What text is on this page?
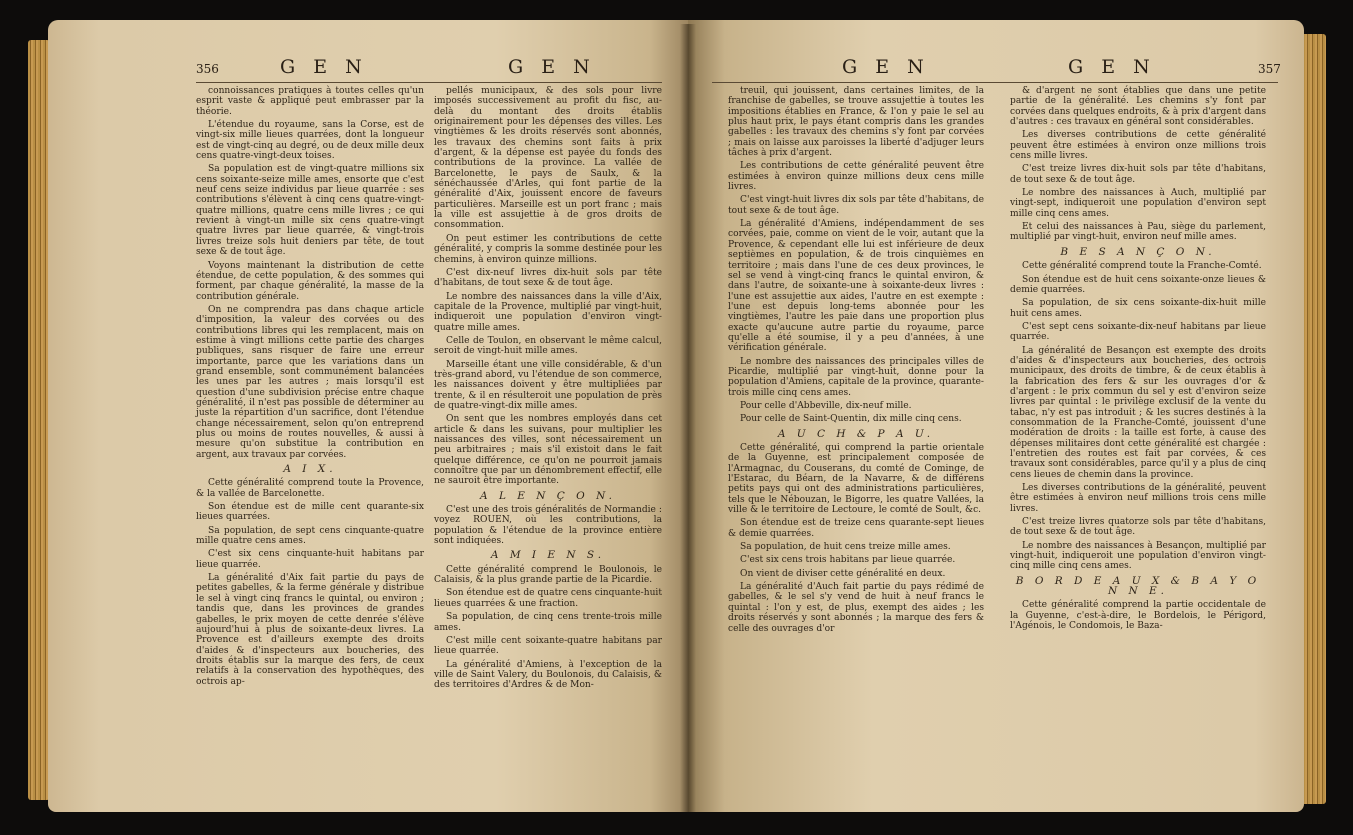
356	G E N	G E N	G E N	G E N	357

connoissances pratiques à toutes celles qu'un esprit vaste & appliqué peut embrasser par la théorie.

L'étendue du royaume, sans la Corse, est de vingt-six mille lieues quarrées, dont la longueur est de vingt-cinq au degré, ou de deux mille deux cens quatre-vingt-deux toises.

Sa population est de vingt-quatre millions six cens soixante-seize mille ames, ensorte que c'est neuf cens seize individus par lieue quarrée : ses contributions s'élèvent à cinq cens quatre-vingt-quatre millions, quatre cens mille livres ; ce qui revient à vingt-un mille six cens quatre-vingt quatre livres par lieue quarrée, & vingt-trois livres treize sols huit deniers par tête, de tout sexe & de tout âge.

Voyons maintenant la distribution de cette étendue, de cette population, & des sommes qui forment, par chaque généralité, la masse de la contribution générale.

On ne comprendra pas dans chaque article d'imposition, la valeur des corvées ou des contributions libres qui les remplacent, mais on estime à vingt millions cette partie des charges publiques, sans risquer de faire une erreur importante, parce que les variations dans un grand ensemble, sont communément balancées les unes par les autres ; mais lorsqu'il est question d'une subdivision précise entre chaque généralité, il n'est pas possible de déterminer au juste la répartition d'un sacrifice, dont l'étendue change nécessairement, selon qu'on entreprend plus ou moins de routes nouvelles, & aussi à mesure qu'on substitue la contribution en argent, aux travaux par corvées.

A I X.

Cette généralité comprend toute la Provence, & la vallée de Barcelonette.

Son étendue est de mille cent quarante-six lieues quarrées.

Sa population, de sept cens cinquante-quatre mille quatre cens ames.

C'est six cens cinquante-huit habitans par lieue quarrée.

La généralité d'Aix fait partie du pays de petites gabelles, & la ferme générale y distribue le sel à vingt cinq francs le quintal, ou environ ; tandis que, dans les provinces de grandes gabelles, le prix moyen de cette denrée s'élève aujourd'hui à plus de soixante-deux livres. La Provence est d'ailleurs exempte des droits d'aides & d'inspecteurs aux boucheries, des droits établis sur la marque des fers, de ceux relatifs à la conservation des hypothèques, des octrois ap-

pellés municipaux, & des sols pour livre imposés successivement au profit du fisc, au-delà du montant des droits établis originairement pour les dépenses des villes. Les vingtièmes & les droits réservés sont abonnés, les travaux des chemins sont faits à prix d'argent, & la dépense est payée du fonds des contributions de la province. La vallée de Barcelonette, le pays de Saulx, & la sénéchaussée d'Arles, qui font partie de la généralité d'Aix, jouissent encore de faveurs particulières. Marseille est un port franc ; mais la ville est assujettie à de gros droits de consommation.

On peut estimer les contributions de cette généralité, y compris la somme destinée pour les chemins, à environ quinze millions.

C'est dix-neuf livres dix-huit sols par tête d'habitans, de tout sexe & de tout âge.

Le nombre des naissances dans la ville d'Aix, capitale de la Provence, multiplié par vingt-huit, indiqueroit une population d'environ vingt-quatre mille ames.

Celle de Toulon, en observant le même calcul, seroit de vingt-huit mille ames.

Marseille étant une ville considérable, & d'un très-grand abord, vu l'étendue de son commerce, les naissances doivent y être multipliées par trente, & il en résulteroit une population de près de quatre-vingt-dix mille ames.

On sent que les nombres employés dans cet article & dans les suivans, pour multiplier les naissances des villes, sont nécessairement un peu arbitraires ; mais s'il existoit dans le fait quelque différence, ce qu'on ne pourroit jamais connoître que par un dénombrement effectif, elle ne sauroit être importante.

A L E N Ç O N.

C'est une des trois généralités de Normandie : voyez ROUEN, où les contributions, la population & l'étendue de la province entière sont indiquées.

A M I E N S.

Cette généralité comprend le Boulonois, le Calaisis, & la plus grande partie de la Picardie.

Son étendue est de quatre cens cinquante-huit lieues quarrées & une fraction.

Sa population, de cinq cens trente-trois mille ames.

C'est mille cent soixante-quatre habitans par lieue quarrée.

La généralité d'Amiens, à l'exception de la ville de Saint Valery, du Boulonois, du Calaisis, & des territoires d'Ardres & de Mon-

treuil, qui jouissent, dans certaines limites, de la franchise de gabelles, se trouve assujettie à toutes les impositions établies en France, & l'on y paie le sel au plus haut prix, le pays étant compris dans les grandes gabelles : les travaux des chemins s'y font par corvées ; mais on laisse aux paroisses la liberté d'adjuger leurs tâches à prix d'argent.

Les contributions de cette généralité peuvent être estimées à environ quinze millions deux cens mille livres.

C'est vingt-huit livres dix sols par tête d'habitans, de tout sexe & de tout âge.

La généralité d'Amiens, indépendamment de ses corvées, paie, comme on vient de le voir, autant que la Provence, & cependant elle lui est inférieure de deux septièmes en population, & de trois cinquièmes en territoire ; mais dans l'une de ces deux provinces, le sel se vend à vingt-cinq francs le quintal environ, & dans l'autre, de soixante-une à soixante-deux livres : l'une est assujettie aux aides, l'autre en est exempte : l'une est depuis long-tems abonnée pour les vingtièmes, l'autre les paie dans une proportion plus exacte qu'aucune autre partie du royaume, parce qu'elle a été soumise, il y a peu d'années, à une vérification générale.

Le nombre des naissances des principales villes de Picardie, multiplié par vingt-huit, donne pour la population d'Amiens, capitale de la province, quarante-trois mille cinq cens ames.

Pour celle d'Abbeville, dix-neuf mille.

Pour celle de Saint-Quentin, dix mille cinq cens.

A U C H & P A U.

Cette généralité, qui comprend la partie orientale de la Guyenne, est principalement composée de l'Armagnac, du Couserans, du comté de Cominge, de l'Estarac, du Béarn, de la Navarre, & de différens petits pays qui ont des administrations particulières, tels que le Nébouzan, le Bigorre, les quatre Vallées, la ville & le territoire de Lectoure, le comté de Soult, &c.

Son étendue est de treize cens quarante-sept lieues & demie quarrées.

Sa population, de huit cens treize mille ames.

C'est six cens trois habitans par lieue quarrée.

On vient de diviser cette généralité en deux.

La généralité d'Auch fait partie du pays rédimé de gabelles, & le sel s'y vend de huit à neuf francs le quintal : l'on y est, de plus, exempt des aides ; les droits réservés y sont abonnés ; la marque des fers & celle des ouvrages d'or

& d'argent ne sont établies que dans une petite partie de la généralité. Les chemins s'y font par corvées dans quelques endroits, & à prix d'argent dans d'autres : ces travaux en général sont considérables.

Les diverses contributions de cette généralité peuvent être estimées à environ onze millions trois cens mille livres.

C'est treize livres dix-huit sols par tête d'habitans, de tout sexe & de tout âge.

Le nombre des naissances à Auch, multiplié par vingt-sept, indiqueroit une population d'environ sept mille cinq cens ames.

Et celui des naissances à Pau, siège du parlement, multiplié par vingt-huit, environ neuf mille ames.

B E S A N Ç O N.

Cette généralité comprend toute la Franche-Comté.

Son étendue est de huit cens soixante-onze lieues & demie quarrées.

Sa population, de six cens soixante-dix-huit mille huit cens ames.

C'est sept cens soixante-dix-neuf habitans par lieue quarrée.

La généralité de Besançon est exempte des droits d'aides & d'inspecteurs aux boucheries, des octrois municipaux, des droits de timbre, & de ceux établis à la fabrication des fers & sur les ouvrages d'or & d'argent : le prix commun du sel y est d'environ seize livres par quintal : le privilège exclusif de la vente du tabac, n'y est pas introduit ; & les sucres destinés à la consommation de la Franche-Comté, jouissent d'une modération de droits : la taille est forte, à cause des dépenses militaires dont cette généralité est chargée : l'entretien des routes est fait par corvées, & ces travaux sont considérables, parce qu'il y a plus de cinq cens lieues de chemin dans la province.

Les diverses contributions de la généralité, peuvent être estimées à environ neuf millions trois cens mille livres.

C'est treize livres quatorze sols par tête d'habitans, de tout sexe & de tout âge.

Le nombre des naissances à Besançon, multiplié par vingt-huit, indiqueroit une population d'environ vingt-cinq mille cinq cens ames.

B O R D E A U X & B A Y O N N E.

Cette généralité comprend la partie occidentale de la Guyenne, c'est-à-dire, le Bordelois, le Périgord, l'Agénois, le Condomois, le Baza-
